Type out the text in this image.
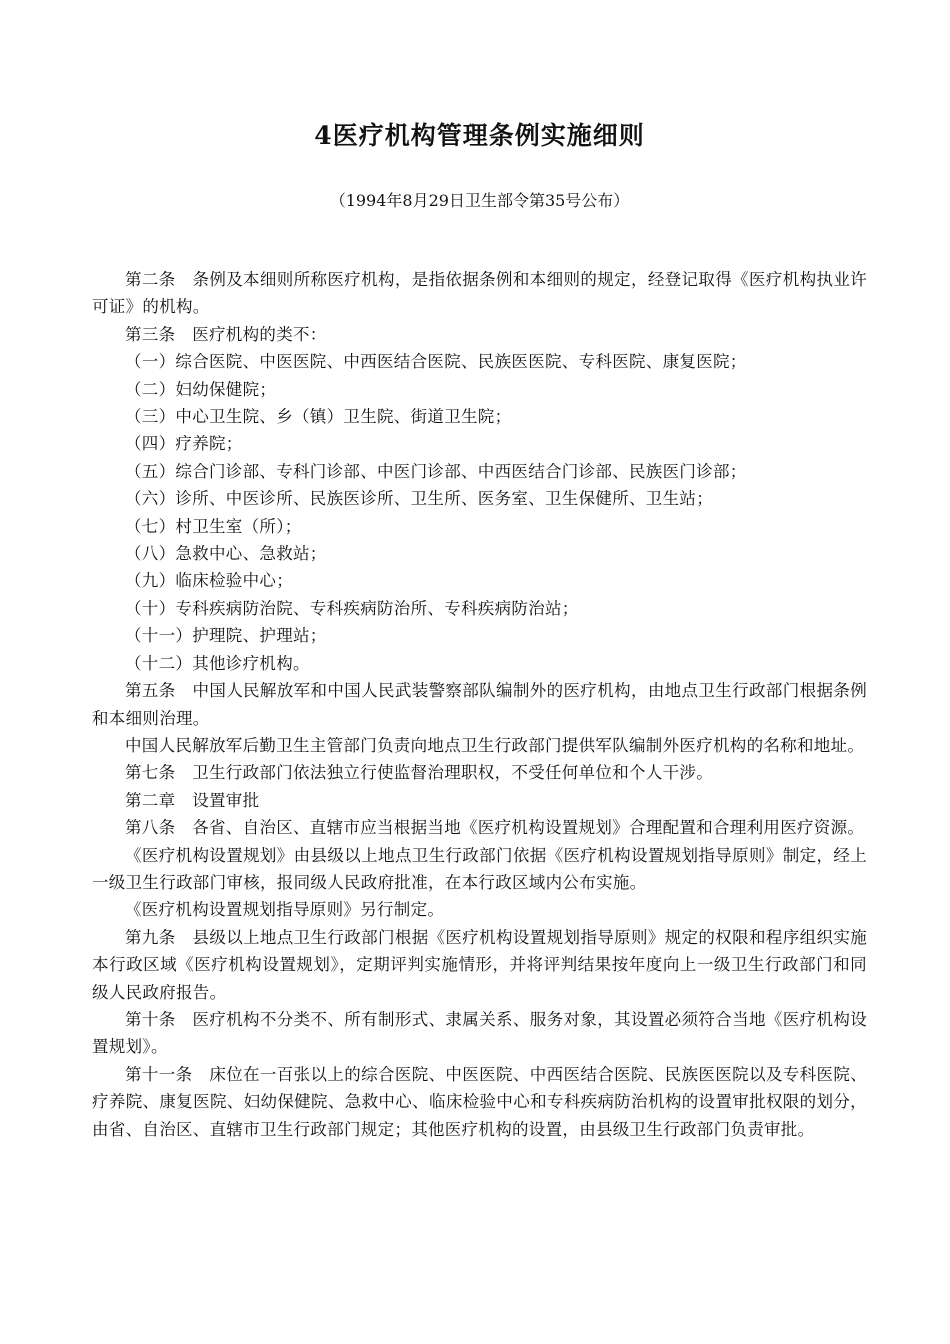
4医疗机构管理条例实施细则

（1994年8月29日卫生部令第35号公布）

第二条　条例及本细则所称医疗机构，是指依据条例和本细则的规定，经登记取得《医疗机构执业许可证》的机构。

第三条　医疗机构的类不：

（一）综合医院、中医医院、中西医结合医院、民族医医院、专科医院、康复医院；

（二）妇幼保健院；

（三）中心卫生院、乡（镇）卫生院、街道卫生院；

（四）疗养院；

（五）综合门诊部、专科门诊部、中医门诊部、中西医结合门诊部、民族医门诊部；

（六）诊所、中医诊所、民族医诊所、卫生所、医务室、卫生保健所、卫生站；

（七）村卫生室（所）；

（八）急救中心、急救站；

（九）临床检验中心；

（十）专科疾病防治院、专科疾病防治所、专科疾病防治站；

（十一）护理院、护理站；

（十二）其他诊疗机构。

第五条　中国人民解放军和中国人民武装警察部队编制外的医疗机构，由地点卫生行政部门根据条例和本细则治理。

中国人民解放军后勤卫生主管部门负责向地点卫生行政部门提供军队编制外医疗机构的名称和地址。

第七条　卫生行政部门依法独立行使监督治理职权，不受任何单位和个人干涉。

第二章　设置审批

第八条　各省、自治区、直辖市应当根据当地《医疗机构设置规划》合理配置和合理利用医疗资源。

《医疗机构设置规划》由县级以上地点卫生行政部门依据《医疗机构设置规划指导原则》制定，经上一级卫生行政部门审核，报同级人民政府批准，在本行政区域内公布实施。

《医疗机构设置规划指导原则》另行制定。

第九条　县级以上地点卫生行政部门根据《医疗机构设置规划指导原则》规定的权限和程序组织实施本行政区域《医疗机构设置规划》，定期评判实施情形，并将评判结果按年度向上一级卫生行政部门和同级人民政府报告。

第十条　医疗机构不分类不、所有制形式、隶属关系、服务对象，其设置必须符合当地《医疗机构设置规划》。

第十一条　床位在一百张以上的综合医院、中医医院、中西医结合医院、民族医医院以及专科医院、疗养院、康复医院、妇幼保健院、急救中心、临床检验中心和专科疾病防治机构的设置审批权限的划分，由省、自治区、直辖市卫生行政部门规定；其他医疗机构的设置，由县级卫生行政部门负责审批。
